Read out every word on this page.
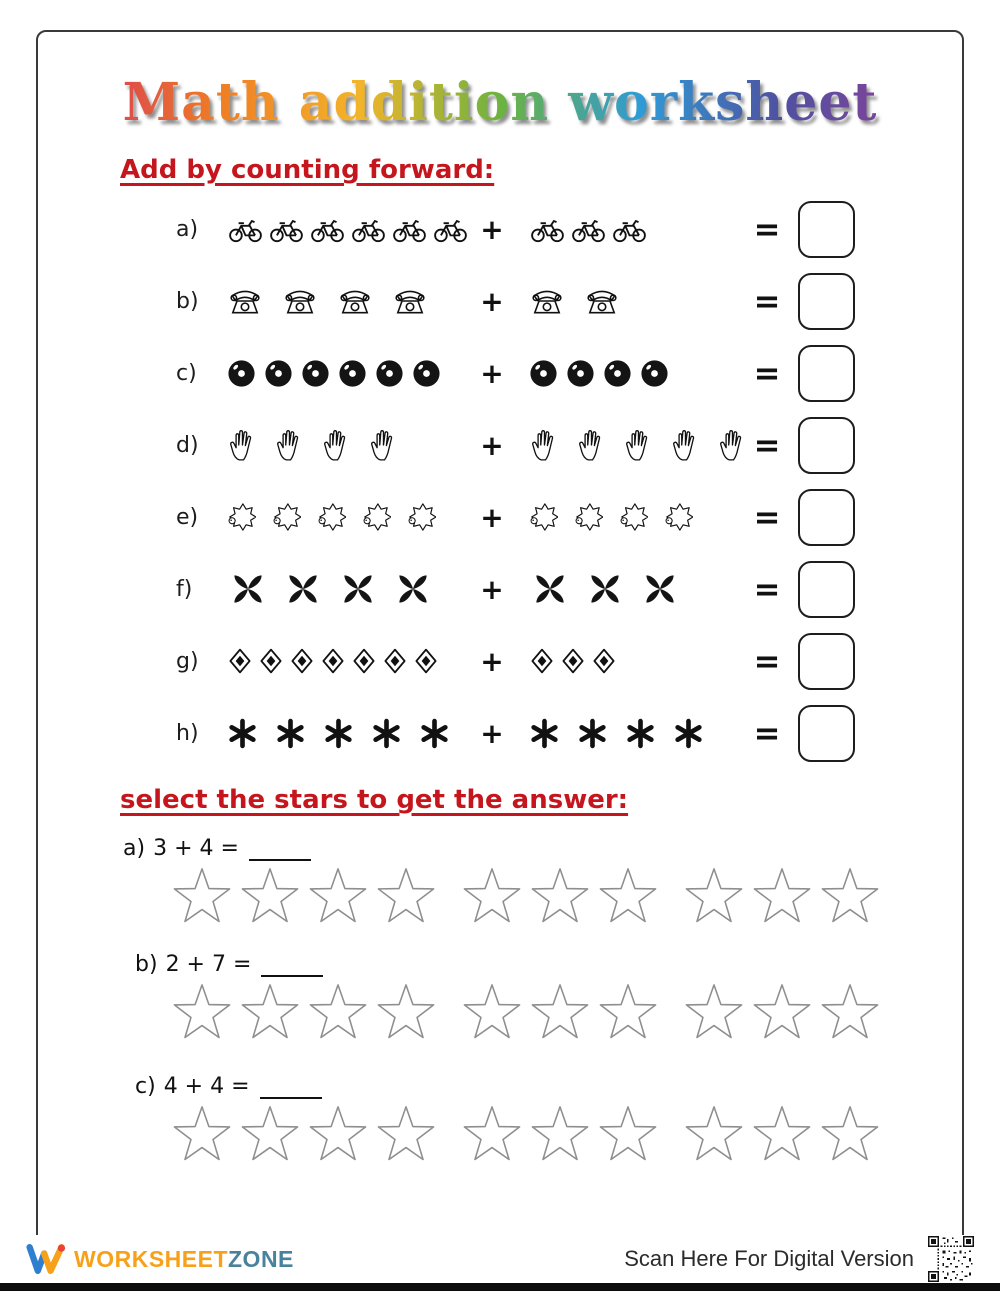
Math addition worksheet
Add by counting forward:
a)	+	=
b)	+	=
c)	+	=
d)	+	=
e)	+	=
f)	+	=
g)	+	=
h)	+	=
select the stars to get the answer:
a) 3 + 4 =
b) 2 + 7 =
c) 4 + 4 =
WORKSHEET ZONE	Scan Here For Digital Version
